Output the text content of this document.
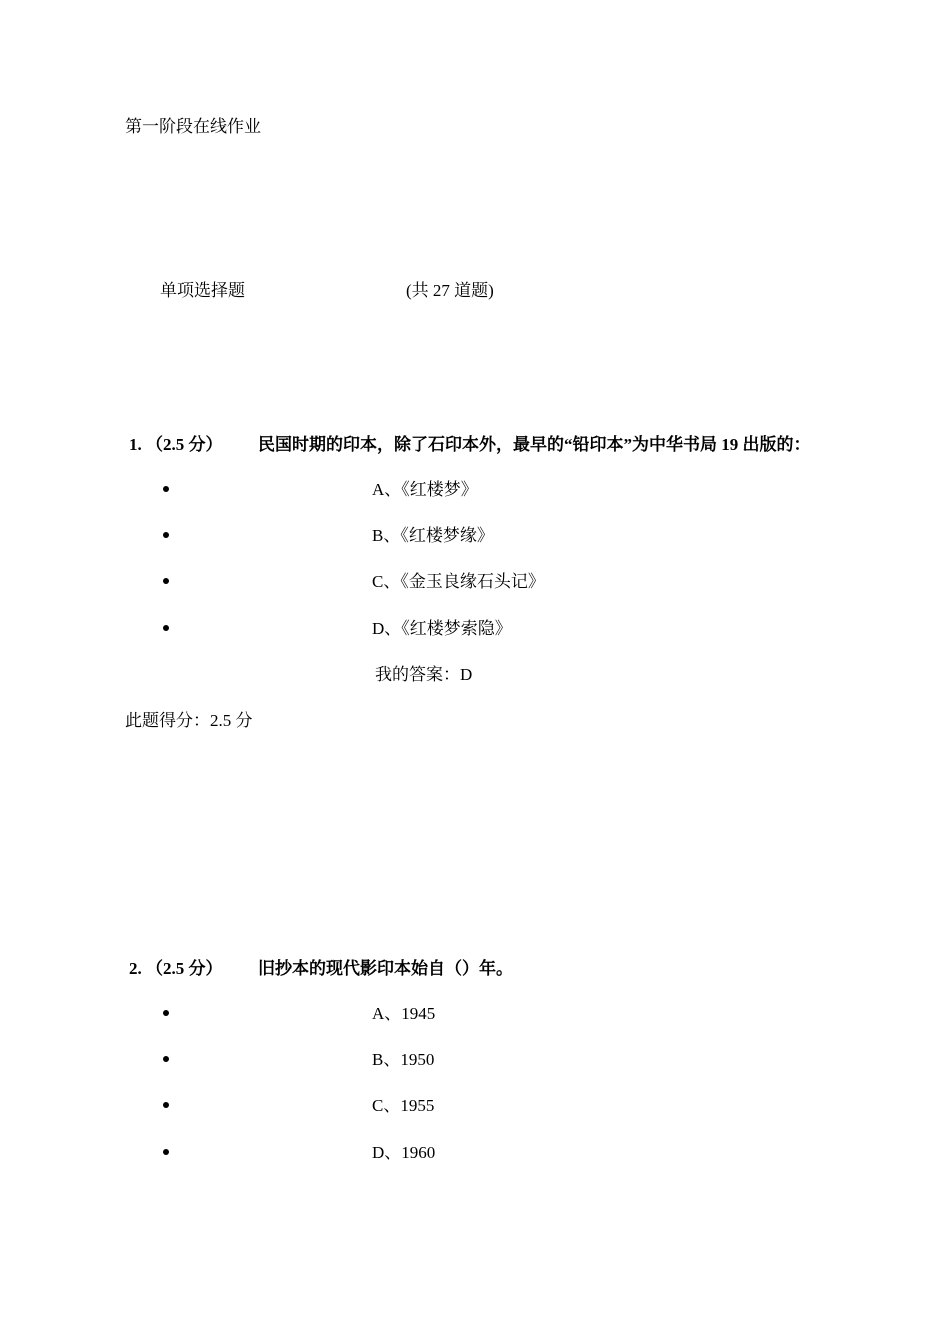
第一阶段在线作业
单项选择题	(共 27 道题)
1. （2.5 分） 民国时期的印本，除了石印本外，最早的“铅印本”为中华书局 19 出版的：
A、《红楼梦》
B、《红楼梦缘》
C、《金玉良缘石头记》
D、《红楼梦索隐》
我的答案：D
此题得分：2.5 分
2. （2.5 分） 旧抄本的现代影印本始自（）年。
A、1945
B、1950
C、1955
D、1960
